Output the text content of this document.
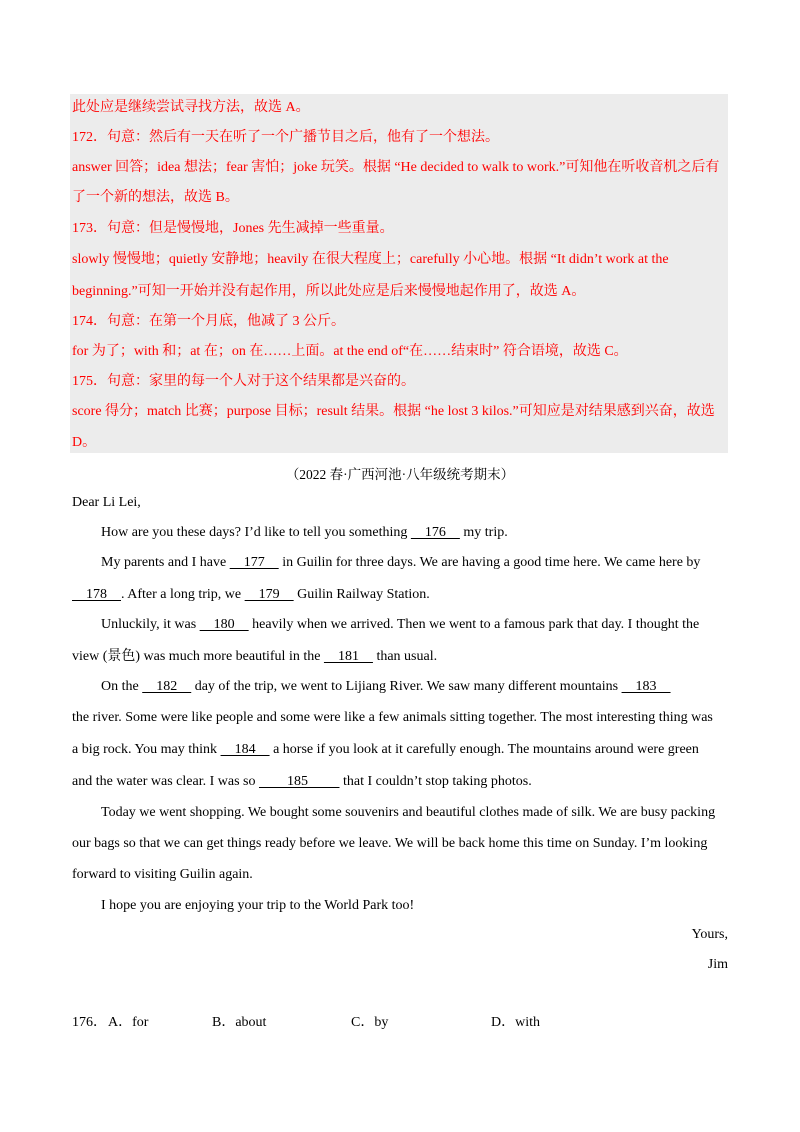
此处应是继续尝试寻找方法，故选 A。
172．句意：然后有一天在听了一个广播节目之后，他有了一个想法。
answer 回答；idea 想法；fear 害怕；joke 玩笑。根据 “He decided to walk to work.”可知他在听收音机之后有
了一个新的想法，故选 B。
173．句意：但是慢慢地，Jones 先生减掉一些重量。
slowly 慢慢地；quietly 安静地；heavily 在很大程度上；carefully 小心地。根据 “It didn’t work at the
beginning.”可知一开始并没有起作用，所以此处应是后来慢慢地起作用了，故选 A。
174．句意：在第一个月底，他减了 3 公斤。
for 为了；with 和；at 在；on 在……上面。at the end of“在……结束时” 符合语境，故选 C。
175．句意：家里的每一个人对于这个结果都是兴奋的。
score 得分；match 比赛；purpose 目标；result 结果。根据 “he lost 3 kilos.”可知应是对结果感到兴奋，故选
D。
（2022 春·广西河池·八年级统考期末）
Dear Li Lei,
How are you these days? I’d like to tell you something     176     my trip.
My parents and I have     177     in Guilin for three days. We are having a good time here. We came here by
178    . After a long trip, we     179     Guilin Railway Station.
Unluckily, it was     180     heavily when we arrived. Then we went to a famous park that day. I thought the
view (景色) was much more beautiful in the     181     than usual.
On the     182     day of the trip, we went to Lijiang River. We saw many different mountains     183
the river. Some were like people and some were like a few animals sitting together. The most interesting thing was
a big rock. You may think     184     a horse if you look at it carefully enough. The mountains around were green
and the water was clear. I was so         185          that I couldn’t stop taking photos.
Today we went shopping. We bought some souvenirs and beautiful clothes made of silk. We are busy packing
our bags so that we can get things ready before we leave. We will be back home this time on Sunday. I’m looking
forward to visiting Guilin again.
I hope you are enjoying your trip to the World Park too!
Yours,
Jim
176． A．for	B．about	C．by	D．with
